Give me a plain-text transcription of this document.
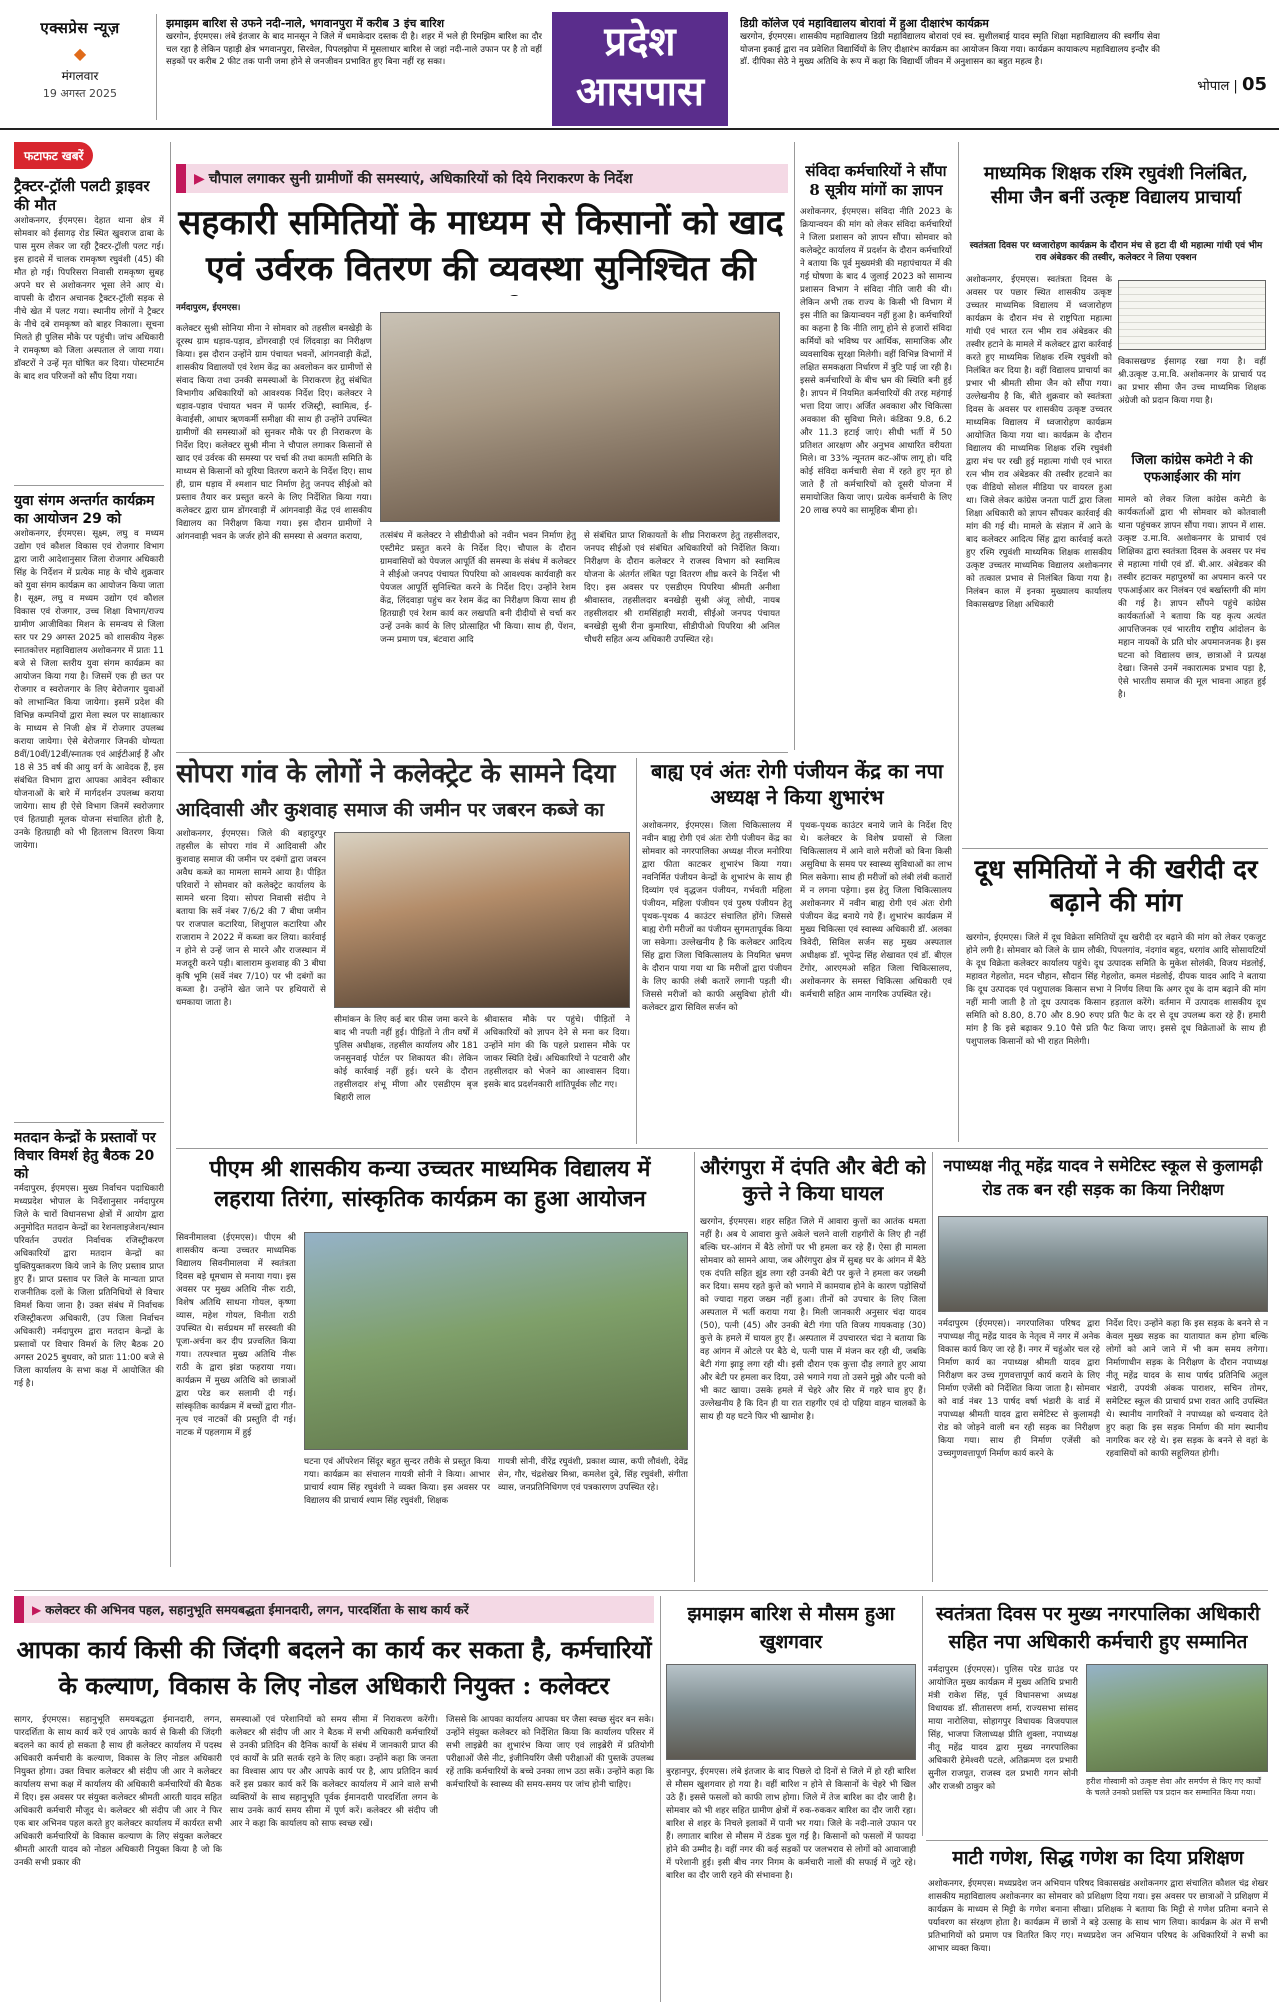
एक्सप्रेस न्यूज़
◆
मंगलवार
19 अगस्त 2025
झमाझम बारिश से उफने नदी-नाले, भगवानपुरा में करीब 3 इंच बारिश
खरगोन, ईएमएस। लंबे इंतजार के बाद मानसून ने जिले में धमाकेदार दस्तक दी है। शहर में भले ही रिमझिम बारिश का दौर चल रहा है लेकिन पहाड़ी क्षेत्र भगवानपुरा, सिरवेल, पिपलझोपा में मूसलाधार बारिश से जहां नदी-नाले उफान पर है तो वहीं सड़कों पर करीब 2 फीट तक पानी जमा होने से जनजीवन प्रभावित हुए बिना नहीं रह सका।	प्रदेश
आसपास
डिग्री कॉलेज एवं महाविद्यालय बोरावां में हुआ दीक्षारंभ कार्यक्रम
खरगोन, ईएमएस। शासकीय महाविद्यालय डिग्री महाविद्यालय बोरावां एवं स्व. सुशीलबाई यादव स्मृति शिक्षा महाविद्यालय की स्वर्गीय सेवा योजना इकाई द्वारा नव प्रवेशित विद्यार्थियों के लिए दीक्षारंभ कार्यक्रम का आयोजन किया गया। कार्यक्रम कायाकल्प महाविद्यालय इन्दौर की डॉ. दीपिका सेठे ने मुख्य अतिथि के रूप में कहा कि विद्यार्थी जीवन में अनुशासन का बहुत महत्व है।
भोपाल | 05
फटाफट खबरें
ट्रैक्टर-ट्रॉली पलटी ड्राइवर की मौत
अशोकनगर, ईएमएस। देहात थाना क्षेत्र में सोमवार को ईसागढ़ रोड स्थित खुवराज ढाबा के पास मुरम लेकर जा रही ट्रैक्टर-ट्रॉली पलट गई। इस हादसे में चालक रामकृष्ण रघुवंशी (45) की मौत हो गई। पिपरिसरा निवासी रामकृष्ण सुबह अपने घर से अशोकनगर भूसा लेने आए थे। वापसी के दौरान अचानक ट्रैक्टर-ट्रॉली सड़क से नीचे खेत में पलट गया। स्थानीय लोगों ने ट्रैक्टर के नीचे दबे रामकृष्ण को बाहर निकाला। सूचना मिलते ही पुलिस मौके पर पहुंची। जांच अधिकारी ने रामकृष्ण को जिला अस्पताल ले जाया गया। डॉक्टरों ने उन्हें मृत घोषित कर दिया। पोस्टमार्टम के बाद शव परिजनों को सौंप दिया गया।
युवा संगम अन्तर्गत कार्यक्रम का आयोजन 29 को
अशोकनगर, ईएमएस। सूक्ष्म, लघु व मध्यम उद्योग एवं कौशल विकास एवं रोजगार विभाग द्वारा जारी आदेशानुसार जिला रोजगार अधिकारी सिंह के निर्देशन में प्रत्येक माह के चौथे शुक्रवार को युवा संगम कार्यक्रम का आयोजन किया जाता है। सूक्ष्म, लघु व मध्यम उद्योग एवं कौशल विकास एवं रोजगार, उच्च शिक्षा विभाग/राज्य ग्रामीण आजीविका मिशन के समन्वय से जिला स्तर पर 29 अगस्त 2025 को शासकीय नेहरू स्नातकोत्तर महाविद्यालय अशोकनगर में प्रातः 11 बजे से जिला स्तरीय युवा संगम कार्यक्रम का आयोजन किया गया है। जिसमें एक ही छत पर रोजगार व स्वरोजगार के लिए बेरोजगार युवाओं को लाभान्वित किया जायेगा। इसमें प्रदेश की विभिन्न कम्पनियों द्वारा मेला स्थल पर साक्षात्कार के माध्यम से निजी क्षेत्र में रोजगार उपलब्ध कराया जायेगा। ऐसे बेरोजगार जिनकी योग्यता 8वीं/10वीं/12वीं/स्नातक एवं आईटीआई हैं और 18 से 35 वर्ष की आयु वर्ग के आवेदक हैं, इस संबंधित विभाग द्वारा आपका आवेदन स्वीकार योजनाओं के बारे में मार्गदर्शन उपलब्ध कराया जायेगा। साथ ही ऐसे विभाग जिनमें स्वरोजगार एवं हितग्राही मूलक योजना संचालित होती है, उनके हितग्राही को भी हितलाभ वितरण किया जायेगा।
मतदान केन्द्रों के प्रस्तावों पर विचार विमर्श हेतु बैठक 20 को
नर्मदापुरम, ईएमएस। मुख्य निर्वाचन पदाधिकारी मध्यप्रदेश भोपाल के निर्देशानुसार नर्मदापुरम जिले के चारों विधानसभा क्षेत्रों में आयोग द्वारा अनुमोदित मतदान केन्द्रों का रेशनलाइजेशन/स्थान परिवर्तन उपरांत निर्वाचक रजिस्ट्रीकरण अधिकारियों द्वारा मतदान केन्द्रों का युक्तियुक्तकरण किये जाने के लिए प्रस्ताव प्राप्त हुए हैं। प्राप्त प्रस्ताव पर जिले के मान्यता प्राप्त राजनीतिक दलों के जिला प्रतिनिधियों से विचार विमर्श किया जाना है। उक्त संबंध में निर्वाचक रजिस्ट्रीकरण अधिकारी, (उप जिला निर्वाचन अधिकारी) नर्मदापुरम द्वारा मतदान केन्द्रों के प्रस्तावों पर विचार विमर्श के लिए बैठक 20 अगस्त 2025 बुधवार, को प्रातः 11:00 बजे से जिला कार्यालय के सभा कक्ष में आयोजित की गई है।
▶ चौपाल लगाकर सुनी ग्रामीणों की समस्याएं, अधिकारियों को दिये निराकरण के निर्देश
सहकारी समितियों के माध्यम से किसानों को खाद एवं उर्वरक वितरण की व्यवस्था सुनिश्चित की
नर्मदापुरम, ईएमएस।
कलेक्टर सुश्री सोनिया मीना ने सोमवार को तहसील बनखेड़ी के दूरस्थ ग्राम धड़ाव-पड़ाव, डोंगरवाड़ी एवं लिंदवाड़ा का निरीक्षण किया। इस दौरान उन्होंने ग्राम पंचायत भवनों, आंगनवाड़ी केंद्रों, शासकीय विद्यालयों एवं रेशम केंद्र का अवलोकन कर ग्रामीणों से संवाद किया तथा उनकी समस्याओं के निराकरण हेतु संबंधित विभागीय अधिकारियों को आवश्यक निर्देश दिए। कलेक्टर ने धड़ाव-पड़ाव पंचायत भवन में फार्मर रजिस्ट्री, स्वामित्व, ई-केवाईसी, आधार ऋणकर्मी समीक्षा की साथ ही उन्होंने उपस्थित ग्रामीणों की समस्याओं को सुनकर मौके पर ही निराकरण के निर्देश दिए। कलेक्टर सुश्री मीना ने चौपाल लगाकर किसानों से खाद एवं उर्वरक की समस्या पर चर्चा की तथा कामती समिति के माध्यम से किसानों को यूरिया वितरण कराने के निर्देश दिए। साथ ही, ग्राम धड़ाव में श्मशान घाट निर्माण हेतु जनपद सीईओ को प्रस्ताव तैयार कर प्रस्तुत करने के लिए निर्देशित किया गया। कलेक्टर द्वारा ग्राम डोंगरवाड़ी में आंगनवाड़ी केंद्र एवं शासकीय विद्यालय का निरीक्षण किया गया। इस दौरान ग्रामीणों ने आंगनवाड़ी भवन के जर्जर होने की समस्या से अवगत कराया,	तत्संबंध में कलेक्टर ने सीडीपीओ को नवीन भवन निर्माण हेतु एस्टीमेट प्रस्तुत करने के निर्देश दिए। चौपाल के दौरान ग्रामवासियों को पेयजल आपूर्ति की समस्या के संबंध में कलेक्टर ने सीईओ जनपद पंचायत पिपरिया को आवश्यक कार्यवाही कर पेयजल आपूर्ति सुनिश्चित करने के निर्देश दिए। उन्होंने रेशम केंद्र, लिंदवाड़ा पहुंच कर रेशम केंद्र का निरीक्षण किया साथ ही हितग्राही एवं रेशम कार्य कर लखपति बनी दीदीयों से चर्चा कर उन्हें उनके कार्य के लिए प्रोत्साहित भी किया। साथ ही, पेंशन, जन्म प्रमाण पत्र, बंटवारा आदि
से संबंधित प्राप्त शिकायतों के शीघ्र निराकरण हेतु तहसीलदार, जनपद सीईओ एवं संबंधित अधिकारियों को निर्देशित किया। निरीक्षण के दौरान कलेक्टर ने राजस्व विभाग को स्वामित्व योजना के अंतर्गत लंबित पट्टा वितरण शीघ्र करने के निर्देश भी दिए। इस अवसर पर एसडीएम पिपरिया श्रीमती अनीशा श्रीवास्तव, तहसीलदार बनखेड़ी सुश्री अंजू लोधी, नायब तहसीलदार श्री रामसिंहाही मरावी, सीईओ जनपद पंचायत बनखेड़ी सुश्री रीना कुमारिया, सीडीपीओ पिपरिया श्री अनिल चौधरी सहित अन्य अधिकारी उपस्थित रहे।
सोपरा गांव के लोगों ने कलेक्ट्रेट के सामने दिया
आदिवासी और कुशवाह समाज की जमीन पर जबरन कब्जे का
अशोकनगर, ईएमएस। जिले की बहादुरपुर तहसील के सोपरा गांव में आदिवासी और कुशवाह समाज की जमीन पर दबंगों द्वारा जबरन अवैध कब्जे का मामला सामने आया है। पीड़ित परिवारों ने सोमवार को कलेक्ट्रेट कार्यालय के सामने धरना दिया। सोपरा निवासी संदीप ने बताया कि सर्वे नंबर 7/6/2 की 7 बीघा जमीन पर राजपाल कटारिया, शिशुपाल कटारिया और राजाराम ने 2022 में कब्जा कर लिया। कार्रवाई न होने से उन्हें जान से मारने और राजस्थान में मजदूरी करने पड़ी। बालाराम कुशवाह की 3 बीघा कृषि भूमि (सर्वे नंबर 7/10) पर भी दबंगों का कब्जा है। उन्होंने खेत जाने पर हथियारों से धमकाया जाता है।
सीमांकन के लिए कई बार फीस जमा करने के बाद भी नपती नहीं हुई। पीड़ितों ने तीन वर्षों में पुलिस अधीक्षक, तहसील कार्यालय और 181 जनसुनवाई पोर्टल पर शिकायत की। लेकिन कोई कार्रवाई नहीं हुई। धरने के दौरान तहसीलदार शंभू मीणा और एसडीएम बृज बिहारी लाल
श्रीवास्तव मौके पर पहुंचे। पीड़ितों ने अधिकारियों को ज्ञापन देने से मना कर दिया। उन्होंने मांग की कि पहले प्रशासन मौके पर जाकर स्थिति देखें। अधिकारियों ने पटवारी और तहसीलदार को भेजने का आश्वासन दिया। इसके बाद प्रदर्शनकारी शांतिपूर्वक लौट गए।
संविदा कर्मचारियों ने सौंपा 8 सूत्रीय मांगों का ज्ञापन
अशोकनगर, ईएमएस। संविदा नीति 2023 के क्रियान्वयन की मांग को लेकर संविदा कर्मचारियों ने जिला प्रशासन को ज्ञापन सौंपा। सोमवार को कलेक्ट्रेट कार्यालय में प्रदर्शन के दौरान कर्मचारियों ने बताया कि पूर्व मुख्यमंत्री की महापंचायत में की गई घोषणा के बाद 4 जुलाई 2023 को सामान्य प्रशासन विभाग ने संविदा नीति जारी की थी। लेकिन अभी तक राज्य के किसी भी विभाग में इस नीति का क्रियान्वयन नहीं हुआ है। कर्मचारियों का कहना है कि नीति लागू होने से हजारों संविदा कर्मियों को भविष्य पर आर्थिक, सामाजिक और व्यवसायिक सुरक्षा मिलेगी। वहीं विभिन्न विभागों में लक्षित समकक्षता निर्धारण में त्रुटि पाई जा रही है। इससे कर्मचारियों के बीच भ्रम की स्थिति बनी हुई है। ज्ञापन में नियमित कर्मचारियों की तरह महंगाई भत्ता दिया जाए। अर्जित अवकाश और चिकित्सा अवकाश की सुविधा मिले। कंडिका 9.8, 6.2 और 11.3 हटाई जाएं। सीधी भर्ती में 50 प्रतिशत आरक्षण और अनुभव आधारित वरीयता मिले। वा 33% न्यूनतम कट-ऑफ लागू हो। यदि कोई संविदा कर्मचारी सेवा में रहते हुए मृत हो जाते हैं तो कर्मचारियों को दूसरी योजना में समायोजित किया जाए। प्रत्येक कर्मचारी के लिए 20 लाख रुपये का सामूहिक बीमा हो।
बाह्य एवं अंतः रोगी पंजीयन केंद्र का नपा अध्यक्ष ने किया शुभारंभ
अशोकनगर, ईएमएस। जिला चिकित्सालय में नवीन बाह्य रोगी एवं अंतः रोगी पंजीयन केंद्र का सोमवार को नगरपालिका अध्यक्ष नीरज मनोरिया द्वारा फीता काटकर शुभारंभ किया गया। नवनिर्मित पंजीयन केन्द्रों के शुभारंभ के साथ ही दिव्यांग एवं वृद्धजन पंजीयन, गर्भवती महिला पंजीयन, महिला पंजीयन एवं पुरुष पंजीयन हेतु पृथक-पृथक 4 काउंटर संचालित होंगे। जिससे बाह्य रोगी मरीजों का पंजीयन सुगमतापूर्वक किया जा सकेगा। उल्लेखनीय है कि कलेक्टर आदित्य सिंह द्वारा जिला चिकित्सालय के नियमित भ्रमण के दौरान पाया गया था कि मरीजों द्वारा पंजीयन के लिए काफी लंबी कतारें लगानी पड़ती थी। जिससे मरीजों को काफी असुविधा होती थी। कलेक्टर द्वारा सिविल सर्जन को
पृथक-पृथक काउंटर बनाये जाने के निर्देश दिए थे। कलेक्टर के विशेष प्रयासों से जिला चिकित्सालय में आने वाले मरीजों को बिना किसी असुविधा के समय पर स्वास्थ्य सुविधाओं का लाभ मिल सकेगा। साथ ही मरीजों को लंबी लंबी कतारों में न लगना पड़ेगा। इस हेतु जिला चिकित्सालय अशोकनगर में नवीन बाह्य रोगी एवं अंतः रोगी पंजीयन केंद्र बनाये गये हैं। शुभारंभ कार्यक्रम में मुख्य चिकित्सा एवं स्वास्थ्य अधिकारी डॉ. अलका त्रिवेदी, सिविल सर्जन सह मुख्य अस्पताल अधीक्षक डॉ. भूपेन्द्र सिंह शेखावत एवं डॉ. बीएल टेंगोर, आरएमओ सहित जिला चिकित्सालय, अशोकनगर के समस्त चिकित्सा अधिकारी एवं कर्मचारी सहित आम नागरिक उपस्थित रहे।
माध्यमिक शिक्षक रश्मि रघुवंशी निलंबित, सीमा जैन बनीं उत्कृष्ट विद्यालय प्राचार्या
स्वतंत्रता दिवस पर ध्वजारोहण कार्यक्रम के दौरान मंच से हटा दी थी महात्मा गांधी एवं भीम राव अंबेडकर की तस्वीर, कलेक्टर ने लिया एक्शन
अशोकनगर, ईएमएस। स्वतंत्रता दिवस के अवसर पर पछार स्थित शासकीय उत्कृष्ट उच्चतर माध्यमिक विद्यालय में ध्वजारोहण कार्यक्रम के दौरान मंच से राष्ट्रपिता महात्मा गांधी एवं भारत रत्न भीम राव अंबेडकर की तस्वीर हटाने के मामले में कलेक्टर द्वारा कार्रवाई करते हुए माध्यमिक शिक्षक रश्मि रघुवंशी को निलंबित कर दिया है। वहीं विद्यालय प्राचार्या का प्रभार भी श्रीमती सीमा जैन को सौंपा गया। उल्लेखनीय है कि, बीते शुक्रवार को स्वतंत्रता दिवस के अवसर पर शासकीय उत्कृष्ट उच्चतर माध्यमिक विद्यालय में ध्वजारोहण कार्यक्रम आयोजित किया गया था। कार्यक्रम के दौरान विद्यालय की माध्यमिक शिक्षक रश्मि रघुवंशी द्वारा मंच पर रखी हुई महात्मा गांधी एवं भारत रत्न भीम राव अंबेडकर की तस्वीर हटवाने का एक वीडियो सोशल मीडिया पर वायरल हुआ था। जिसे लेकर कांग्रेस जनता पार्टी द्वारा जिला शिक्षा अधिकारी को ज्ञापन सौंपकर कार्रवाई की मांग की गई थी। मामले के संज्ञान में आने के बाद कलेक्टर आदित्य सिंह द्वारा कार्रवाई करते हुए रश्मि रघुवंशी माध्यमिक शिक्षक शासकीय उत्कृष्ट उच्चतर माध्यमिक विद्यालय अशोकनगर को तत्काल प्रभाव से निलंबित किया गया है। निलंबन काल में इनका मुख्यालय कार्यालय विकासखण्ड शिक्षा अधिकारी
विकासखण्ड ईसागढ़ रखा गया है। वहीं श्री.उत्कृष्ट उ.मा.वि. अशोकनगर के प्राचार्य पद का प्रभार सीमा जैन उच्च माध्यमिक शिक्षक अंग्रेजी को प्रदान किया गया है।
जिला कांग्रेस कमेटी ने की एफआईआर की मांग
मामले को लेकर जिला कांग्रेस कमेटी के कार्यकर्ताओं द्वारा भी सोमवार को कोतवाली थाना पहुंचकर ज्ञापन सौंपा गया। ज्ञापन में शास. उत्कृष्ट उ.मा.वि. अशोकनगर के प्राचार्य एवं शिक्षिका द्वारा स्वतंत्रता दिवस के अवसर पर मंच से महात्मा गांधी एवं डॉ. बी.आर. अंबेडकर की तस्वीर हटाकर महापुरुषों का अपमान करने पर एफआईआर कर निलंबन एवं बर्खास्तगी की मांग की गई है। ज्ञापन सौंपने पहुंचे कांग्रेस कार्यकर्ताओं ने बताया कि यह कृत्य अत्यंत आपत्तिजनक एवं भारतीय राष्ट्रीय आंदोलन के महान नायकों के प्रति घोर अपमानजनक है। इस घटना को विद्यालय छात्र, छात्राओं ने प्रत्यक्ष देखा। जिनसे उनमें नकारात्मक प्रभाव पड़ा है, ऐसे भारतीय समाज की मूल भावना आहत हुई है।
दूध समितियों ने की खरीदी दर बढ़ाने की मांग
खरगोन, ईएमएस। जिले में दूध विक्रेता समितियों दूध खरीदी दर बढ़ाने की मांग को लेकर एकजुट होने लगी है। सोमवार को जिले के ग्राम लौकी, पिपलगांव, नंदगांव बहुद, धरगांव आदि सोसायटियों के दूध विक्रेता कलेक्टर कार्यालय पहुंचे। दूध उत्पादक समिति के मुकेश सोलंकी, विजय मंडलोई, महावत गेहलोत, मदन चौहान, सौदान सिंह गेहलोत, कमल मंडलोई, दीपक यादव आदि ने बताया कि दूध उत्पादक एवं पशुपालक किसान सभा ने निर्णय लिया कि अगर दूध के दाम बढ़ाने की मांग नहीं मानी जाती है तो दूध उत्पादक किसान हड़ताल करेंगे। वर्तमान में उत्पादक शासकीय दूध समिति को 8.80, 8.70 और 8.90 रुपए प्रति फैट के दर से दूध उपलब्ध करा रहे हैं। हमारी मांग है कि इसे बढ़ाकर 9.10 पैसे प्रति फैट किया जाए। इससे दूध विक्रेताओं के साथ ही पशुपालक किसानों को भी राहत मिलेगी।
पीएम श्री शासकीय कन्या उच्चतर माध्यमिक विद्यालय में लहराया तिरंगा, सांस्कृतिक कार्यक्रम का हुआ आयोजन
सिवनीमालवा (ईएमएस)। पीएम श्री शासकीय कन्या उच्चतर माध्यमिक विद्यालय सिवनीमालवा में स्वतंत्रता दिवस बड़े धूमधाम से मनाया गया। इस अवसर पर मुख्य अतिथि नीरू राठी, विशेष अतिथि साधना गोयल, कृष्णा व्यास, महेश गोयल, विनीता राठी उपस्थित थे। सर्वप्रथम माँ सरस्वती की पूजा-अर्चना कर दीप प्रज्वलित किया गया। तत्पश्चात मुख्य अतिथि नीरू राठी के द्वारा झंडा फहराया गया। कार्यक्रम में मुख्य अतिथि को छात्राओं द्वारा परेड कर सलामी दी गई। सांस्कृतिक कार्यक्रम में बच्चों द्वारा गीत-नृत्य एवं नाटकों की प्रस्तुति दी गई। नाटक में पहलगाम में हुई
घटना एवं ऑपरेशन सिंदूर बहुत सुन्दर तरीके से प्रस्तुत किया गया। कार्यक्रम का संचालन गायत्री सोनी ने किया। आभार प्राचार्य श्याम सिंह रघुवंशी ने व्यक्त किया। इस अवसर पर विद्यालय की प्राचार्य श्याम सिंह रघुवंशी, शिक्षक
गायत्री सोनी, वीरेंद्र रघुवंशी, प्रकाश व्यास, कपी लौवंशी, देवेंद्र सेन, गौर, चंद्रशेखर मिश्रा, कमलेश दुबे, सिंह रघुवंशी, संगीता व्यास, जनप्रतिनिधिगण एवं पत्रकारगण उपस्थित रहे।
औरंगपुरा में दंपति और बेटी को कुत्ते ने किया घायल
खरगोन, ईएमएस। शहर सहित जिले में आवारा कुत्तों का आतंक थमता नहीं है। अब ये आवारा कुत्ते अकेले चलने वाली राहगीरों के लिए ही नहीं बल्कि घर-आंगन में बैठे लोगों पर भी हमला कर रहे हैं। ऐसा ही मामला सोमवार को सामने आया, जब औरंगपुरा क्षेत्र में सुबह घर के आंगन में बैठे एक दंपति सहित झुंड लगा रही उनकी बेटी पर कुत्ते ने हमला कर जख्मी कर दिया। समय रहते कुत्ते को भगाने में कामयाब होने के कारण पड़ोसियों को ज्यादा गहरा जख्म नहीं हुआ। तीनों को उपचार के लिए जिला अस्पताल में भर्ती कराया गया है। मिली जानकारी अनुसार चंदा यादव (50), पत्नी (45) और उनकी बेटी गंगा पति विजय गायकवाड़ (30) कुत्ते के हमले में घायल हुए हैं। अस्पताल में उपचाररत चंदा ने बताया कि वह आंगन में ओटले पर बैठे थे, पत्नी पास में मंजन कर रही थी, जबकि बेटी गंगा झाड़ू लगा रही थी। इसी दौरान एक कुत्ता दौड़ लगाते हुए आया और बेटी पर हमला कर दिया, उसे भगाने गया तो उसने मुझे और पत्नी को भी काट खाया। उसके हमले में चेहरे और सिर में गहरे घाव हुए हैं। उल्लेखनीय है कि दिन ही या रात राहगीर एवं दो पहिया वाहन चालकों के साथ ही यह घटने फिर भी खामोश है।
नपाध्यक्ष नीतू महेंद्र यादव ने समेटिस्ट स्कूल से कुलामढ़ी रोड तक बन रही सड़क का किया निरीक्षण
नर्मदापुरम (ईएमएस)। नगरपालिका परिषद द्वारा नपाध्यक्ष नीतू महेंद्र यादव के नेतृत्व में नगर में अनेक विकास कार्य किए जा रहे हैं। नगर में चहुंओर चल रहे निर्माण कार्य का नपाध्यक्ष श्रीमती यादव द्वारा निरीक्षण कर उच्च गुणवत्तापूर्ण कार्य कराने के लिए निर्माण एजेंसी को निर्देशित किया जाता है। सोमवार को वार्ड नंबर 13 पार्षद वर्षा भंडारी के वार्ड में नपाध्यक्ष श्रीमती यादव द्वारा समेटिस्ट से कुलामढ़ी रोड को जोड़ने वाली बन रही सड़क का निरीक्षण किया गया। साथ ही निर्माण एजेंसी को उच्चगुणवत्तापूर्ण निर्माण कार्य करने के
निर्देश दिए। उन्होंने कहा कि इस सड़क के बनने से न केवल मुख्य सड़क का यातायात कम होगा बल्कि लोगों को आने जाने में भी कम समय लगेगा। निर्माणाधीन सड़क के निरीक्षण के दौरान नपाध्यक्ष नीतू महेंद्र यादव के साथ पार्षद प्रतिनिधि अतुल भंडारी, उपयंत्री अंकक पाराशर, सचिन तोमर, समेटिस्ट स्कूल की प्राचार्य प्रभा रावत आदि उपस्थित थे। स्थानीय नागरिकों ने नपाध्यक्ष को धन्यवाद देते हुए कहा कि इस सड़क निर्माण की मांग स्थानीय नागरिक कर रहे थे। इस सड़क के बनने से वहां के रहवासियों को काफी सहूलियत होगी।
▶ कलेक्टर की अभिनव पहल, सहानुभूति समयबद्धता ईमानदारी, लगन, पारदर्शिता के साथ कार्य करें
आपका कार्य किसी की जिंदगी बदलने का कार्य कर सकता है, कर्मचारियों के कल्याण, विकास के लिए नोडल अधिकारी नियुक्त : कलेक्टर
सागर, ईएमएस। सहानुभूति समयबद्धता ईमानदारी, लगन, पारदर्शिता के साथ कार्य करें एवं आपके कार्य से किसी की जिंदगी बदलने का कार्य हो सकता है साथ ही कलेक्टर कार्यालय में पदस्थ अधिकारी कर्मचारी के कल्याण, विकास के लिए नोडल अधिकारी नियुक्त होगा। उक्त विचार कलेक्टर श्री संदीप जी आर ने कलेक्टर कार्यालय सभा कक्ष में कार्यालय की अधिकारी कर्मचारियों की बैठक में दिए। इस अवसर पर संयुक्त कलेक्टर श्रीमती आरती यादव सहित अधिकारी कर्मचारी मौजूद थे। कलेक्टर श्री संदीप जी आर ने फिर एक बार अभिनव पहल करते हुए कलेक्टर कार्यालय में कार्यरत सभी अधिकारी कर्मचारियों के विकास कल्याण के लिए संयुक्त कलेक्टर श्रीमती आरती यादव को नोडल अधिकारी नियुक्त किया है जो कि उनकी सभी प्रकार की
समस्याओं एवं परेशानियों को समय सीमा में निराकरण करेंगी। कलेक्टर श्री संदीप जी आर ने बैठक में सभी अधिकारी कर्मचारियों से उनकी प्रतिदिन की दैनिक कार्यों के संबंध में जानकारी प्राप्त की एवं कार्यों के प्रति सतर्क रहने के लिए कहा। उन्होंने कहा कि जनता का विश्वास आप पर और आपके कार्य पर है, आप प्रतिदिन कार्य करें इस प्रकार कार्य करें कि कलेक्टर कार्यालय में आने वाले सभी व्यक्तियों के साथ सहानुभूति पूर्वक ईमानदारी पारदर्शिता लगन के साथ उनके कार्य समय सीमा में पूर्ण करें। कलेक्टर श्री संदीप जी आर ने कहा कि कार्यालय को साफ स्वच्छ रखें।
जिससे कि आपका कार्यालय आपका घर जैसा स्वच्छ सुंदर बन सके। उन्होंने संयुक्त कलेक्टर को निर्देशित किया कि कार्यालय परिसर में सभी लाइब्रेरी का शुभारंभ किया जाए एवं लाइब्रेरी में प्रतियोगी परीक्षाओं जैसे नीट, इंजीनियरिंग जैसी परीक्षाओं की पुस्तकें उपलब्ध रहें ताकि कर्मचारियों के बच्चे उनका लाभ उठा सकें। उन्होंने कहा कि कर्मचारियों के स्वास्थ्य की समय-समय पर जांच होनी चाहिए।
झमाझम बारिश से मौसम हुआ खुशगवार
बुरहानपुर, ईएमएस। लंबे इंतजार के बाद पिछले दो दिनों से जिले में हो रही बारिश से मौसम खुशगवार हो गया है। वहीं बारिश न होने से किसानों के चेहरे भी खिल उठे हैं। इससे फसलों को काफी लाभ होगा। जिले में तेज बारिश का दौर जारी है। सोमवार को भी शहर सहित ग्रामीण क्षेत्रों में रुक-रुककर बारिश का दौर जारी रहा। बारिश से शहर के निचले इलाकों में पानी भर गया। जिले के नदी-नाले उफान पर हैं। लगातार बारिश से मौसम में ठंडक घुल गई है। किसानों को फसलों में फायदा होने की उम्मीद है। वहीं नगर की कई सड़कों पर जलभराव से लोगों को आवाजाही में परेशानी हुई। इसी बीच नगर निगम के कर्मचारी नालों की सफाई में जुटे रहे। बारिश का दौर जारी रहने की संभावना है।
स्वतंत्रता दिवस पर मुख्य नगरपालिका अधिकारी सहित नपा अधिकारी कर्मचारी हुए सम्मानित
नर्मदापुरम (ईएमएस)। पुलिस परेड ग्राउंड पर आयोजित मुख्य कार्यक्रम में मुख्य अतिथि प्रभारी मंत्री राकेश सिंह, पूर्व विधानसभा अध्यक्ष विधायक डॉ. सीतासरण शर्मा, राज्यसभा सांसद माया नारोलिया, सोहागपुर विधायक विजयपाल सिंह, भाजपा जिलाध्यक्ष प्रीति शुक्ला, नपाध्यक्ष नीतू महेंद्र यादव द्वारा मुख्य नगरपालिका अधिकारी हेमेश्वरी पटले, अतिक्रमण दल प्रभारी सुनील राजपूत, राजस्व दल प्रभारी गगन सोनी और राजश्री ठाकुर को
हरीश गोस्वामी को उत्कृष्ट सेवा और समर्पण से किए गए कार्यों के चलते उनको प्रशस्ति पत्र प्रदान कर सम्मानित किया गया।
माटी गणेश, सिद्ध गणेश का दिया प्रशिक्षण
अशोकनगर, ईएमएस। मध्यप्रदेश जन अभियान परिषद विकासखंड अशोकनगर द्वारा संचालित कौशल चंद्र शेखर शासकीय महाविद्यालय अशोकनगर का सोमवार को प्रशिक्षण दिया गया। इस अवसर पर छात्राओं ने प्रशिक्षण में कार्यक्रम के माध्यम से मिट्टी के गणेश बनाना सीखा। प्रशिक्षक ने बताया कि मिट्टी से गणेश प्रतिमा बनाने से पर्यावरण का संरक्षण होता है। कार्यक्रम में छात्रों ने बड़े उत्साह के साथ भाग लिया। कार्यक्रम के अंत में सभी प्रतिभागियों को प्रमाण पत्र वितरित किए गए। मध्यप्रदेश जन अभियान परिषद के अधिकारियों ने सभी का आभार व्यक्त किया।
